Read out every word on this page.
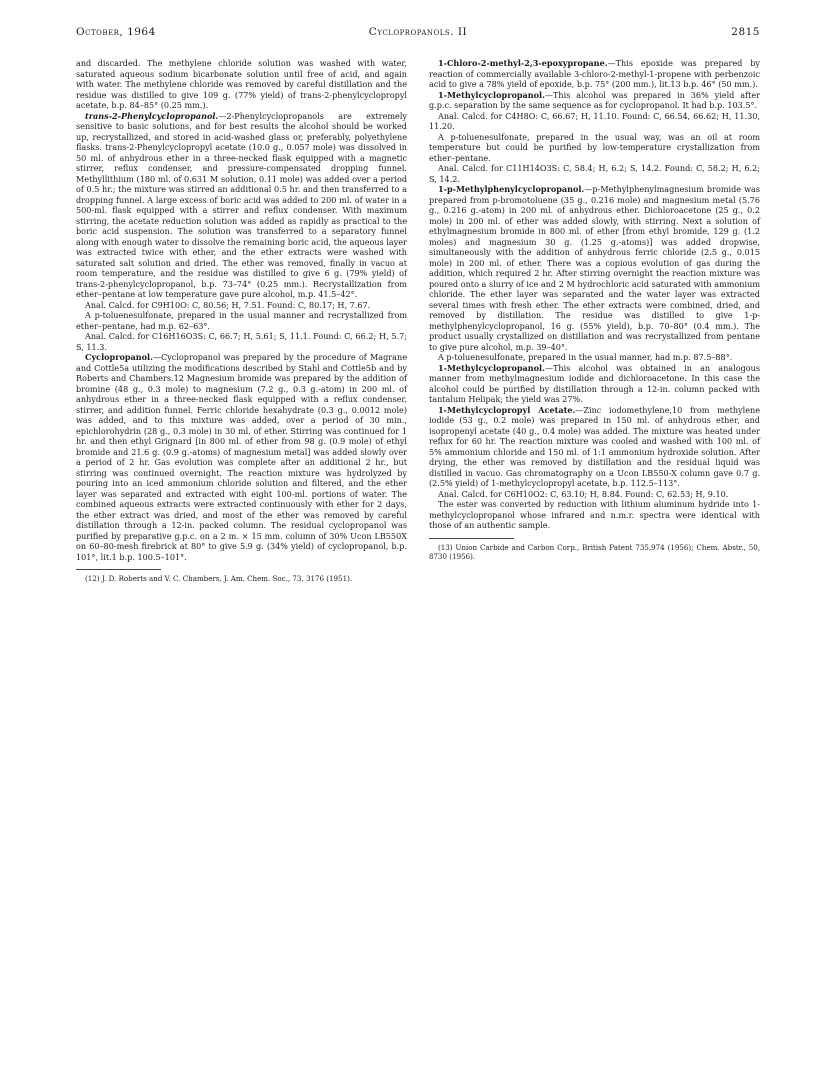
October, 1964	Cyclopropanols. II	2815

and discarded. The methylene chloride solution was washed with water, saturated aqueous sodium bicarbonate solution until free of acid, and again with water. The methylene chloride was removed by careful distillation and the residue was distilled to give 109 g. (77% yield) of trans-2-phenylcyclopropyl acetate, b.p. 84–85° (0.25 mm.).

trans-2-Phenylcyclopropanol.—2-Phenylcyclopropanols are extremely sensitive to basic solutions, and for best results the alcohol should be worked up, recrystallized, and stored in acid-washed glass or, preferably, polyethylene flasks. trans-2-Phenylcyclopropyl acetate (10.0 g., 0.057 mole) was dissolved in 50 ml. of anhydrous ether in a three-necked flask equipped with a magnetic stirrer, reflux condenser, and pressure-compensated dropping funnel. Methyllithium (180 ml. of 0.631 M solution, 0.11 mole) was added over a period of 0.5 hr.; the mixture was stirred an additional 0.5 hr. and then transferred to a dropping funnel. A large excess of boric acid was added to 200 ml. of water in a 500-ml. flask equipped with a stirrer and reflux condenser. With maximum stirring, the acetate reduction solution was added as rapidly as practical to the boric acid suspension. The solution was transferred to a separatory funnel along with enough water to dissolve the remaining boric acid, the aqueous layer was extracted twice with ether, and the ether extracts were washed with saturated salt solution and dried. The ether was removed, finally in vacuo at room temperature, and the residue was distilled to give 6 g. (79% yield) of trans-2-phenylcyclopropanol, b.p. 73–74° (0.25 mm.). Recrystallization from ether–pentane at low temperature gave pure alcohol, m.p. 41.5–42°.

Anal. Calcd. for C9H10O: C, 80.56; H, 7.51. Found: C, 80.17; H, 7.67.

A p-toluenesulfonate, prepared in the usual manner and recrystallized from ether–pentane, had m.p. 62–63°.

Anal. Calcd. for C16H16O3S: C, 66.7; H, 5.61; S, 11.1. Found: C, 66.2; H, 5.7; S, 11.3.

Cyclopropanol.—Cyclopropanol was prepared by the procedure of Magrane and Cottle5a utilizing the modifications described by Stahl and Cottle5b and by Roberts and Chambers.12 Magnesium bromide was prepared by the addition of bromine (48 g., 0.3 mole) to magnesium (7.2 g., 0.3 g.-atom) in 200 ml. of anhydrous ether in a three-necked flask equipped with a reflux condenser, stirrer, and addition funnel. Ferric chloride hexahydrate (0.3 g., 0.0012 mole) was added, and to this mixture was added, over a period of 30 min., epichlorohydrin (28 g., 0.3 mole) in 30 ml. of ether. Stirring was continued for 1 hr. and then ethyl Grignard [in 800 ml. of ether from 98 g. (0.9 mole) of ethyl bromide and 21.6 g. (0.9 g.-atoms) of magnesium metal] was added slowly over a period of 2 hr. Gas evolution was complete after an additional 2 hr., but stirring was continued overnight. The reaction mixture was hydrolyzed by pouring into an iced ammonium chloride solution and filtered, and the ether layer was separated and extracted with eight 100-ml. portions of water. The combined aqueous extracts were extracted continuously with ether for 2 days, the ether extract was dried, and most of the ether was removed by careful distillation through a 12-in. packed column. The residual cyclopropanol was purified by preparative g.p.c. on a 2 m. × 15 mm. column of 30% Ucon LB550X on 60–80-mesh firebrick at 80° to give 5.9 g. (34% yield) of cyclopropanol, b.p. 101°, lit.1 b.p. 100.5–101°.

(12) J. D. Roberts and V. C. Chambers, J. Am. Chem. Soc., 73, 3176 (1951).

1-Chloro-2-methyl-2,3-epoxypropane.—This epoxide was prepared by reaction of commercially available 3-chloro-2-methyl-1-propene with perbenzoic acid to give a 78% yield of epoxide, b.p. 75° (200 mm.), lit.13 b.p. 46° (50 mm.).

1-Methylcyclopropanol.—This alcohol was prepared in 36% yield after g.p.c. separation by the same sequence as for cyclopropanol. It had b.p. 103.5°.

Anal. Calcd. for C4H8O: C, 66.67; H, 11.10. Found: C, 66.54, 66.62; H, 11.30, 11.20.

A p-toluenesulfonate, prepared in the usual way, was an oil at room temperature but could be purified by low-temperature crystallization from ether–pentane.

Anal. Calcd. for C11H14O3S: C, 58.4; H, 6.2; S, 14.2. Found: C, 58.2; H, 6.2; S, 14.2.

1-p-Methylphenylcyclopropanol.—p-Methylphenylmagnesium bromide was prepared from p-bromotoluene (35 g., 0.216 mole) and magnesium metal (5.76 g., 0.216 g.-atom) in 200 ml. of anhydrous ether. Dichloroacetone (25 g., 0.2 mole) in 200 ml. of ether was added slowly, with stirring. Next a solution of ethylmagnesium bromide in 800 ml. of ether [from ethyl bromide, 129 g. (1.2 moles) and magnesium 30 g. (1.25 g.-atoms)] was added dropwise, simultaneously with the addition of anhydrous ferric chloride (2.5 g., 0.015 mole) in 200 ml. of ether. There was a copious evolution of gas during the addition, which required 2 hr. After stirring overnight the reaction mixture was poured onto a slurry of ice and 2 M hydrochloric acid saturated with ammonium chloride. The ether layer was separated and the water layer was extracted several times with fresh ether. The ether extracts were combined, dried, and removed by distillation. The residue was distilled to give 1-p-methylphenylcyclopropanol, 16 g. (55% yield), b.p. 70–80° (0.4 mm.). The product usually crystallized on distillation and was recrystallized from pentane to give pure alcohol, m.p. 39–40°.

A p-toluenesulfonate, prepared in the usual manner, had m.p. 87.5–88°.

1-Methylcyclopropanol.—This alcohol was obtained in an analogous manner from methylmagnesium iodide and dichloroacetone. In this case the alcohol could be purified by distillation through a 12-in. column packed with tantalum Helipak; the yield was 27%.

1-Methylcyclopropyl Acetate.—Zinc iodomethylene,10 from methylene iodide (53 g., 0.2 mole) was prepared in 150 ml. of anhydrous ether, and isopropenyl acetate (40 g., 0.4 mole) was added. The mixture was heated under reflux for 60 hr. The reaction mixture was cooled and washed with 100 ml. of 5% ammonium chloride and 150 ml. of 1:1 ammonium hydroxide solution. After drying, the ether was removed by distillation and the residual liquid was distilled in vacuo. Gas chromatography on a Ucon LB550-X column gave 0.7 g. (2.5% yield) of 1-methylcyclopropyl acetate, b.p. 112.5–113°.

Anal. Calcd. for C6H10O2: C, 63.10; H, 8.84. Found: C, 62.53; H, 9.10.

The ester was converted by reduction with lithium aluminum hydride into 1-methylcyclopropanol whose infrared and n.m.r. spectra were identical with those of an authentic sample.

(13) Union Carbide and Carbon Corp., British Patent 735,974 (1956); Chem. Abstr., 50, 8730 (1956).
